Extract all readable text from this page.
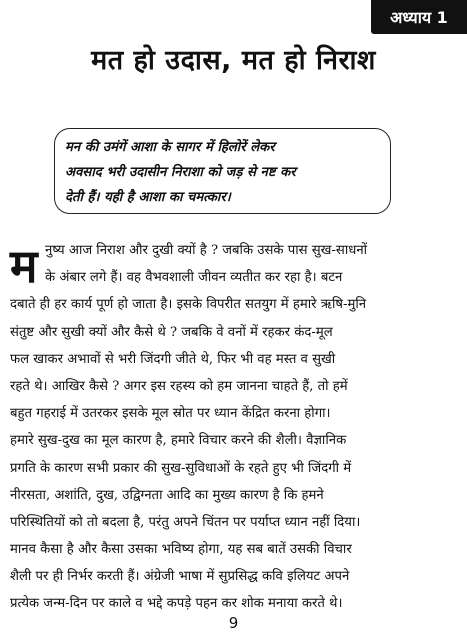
अध्याय 1
मत हो उदास, मत हो निराश
मन की उमंगें आशा के सागर में हिलोरें लेकर
अवसाद भरी उदासीन निराशा को जड़ से नष्ट कर
देती हैं। यही है आशा का चमत्कार।
म नुष्य आज निराश और दुखी क्यों है ? जबकि उसके पास सुख-साधनों
के अंबार लगे हैं। वह वैभवशाली जीवन व्यतीत कर रहा है। बटन
दबाते ही हर कार्य पूर्ण हो जाता है। इसके विपरीत सतयुग में हमारे ऋषि-मुनि
संतुष्ट और सुखी क्यों और कैसे थे ? जबकि वे वनों में रहकर कंद-मूल
फल खाकर अभावों से भरी जिंदगी जीते थे, फिर भी वह मस्त व सुखी
रहते थे। आखिर कैसे ? अगर इस रहस्य को हम जानना चाहते हैं, तो हमें
बहुत गहराई में उतरकर इसके मूल स्रोत पर ध्यान केंद्रित करना होगा।
हमारे सुख-दुख का मूल कारण है, हमारे विचार करने की शैली। वैज्ञानिक
प्रगति के कारण सभी प्रकार की सुख-सुविधाओं के रहते हुए भी जिंदगी में
नीरसता, अशांति, दुख, उद्विग्नता आदि का मुख्य कारण है कि हमने
परिस्थितियों को तो बदला है, परंतु अपने चिंतन पर पर्याप्त ध्यान नहीं दिया।
मानव कैसा है और कैसा उसका भविष्य होगा, यह सब बातें उसकी विचार
शैली पर ही निर्भर करती हैं। अंग्रेजी भाषा में सुप्रसिद्ध कवि इलियट अपने
प्रत्येक जन्म-दिन पर काले व भद्दे कपड़े पहन कर शोक मनाया करते थे।
9
